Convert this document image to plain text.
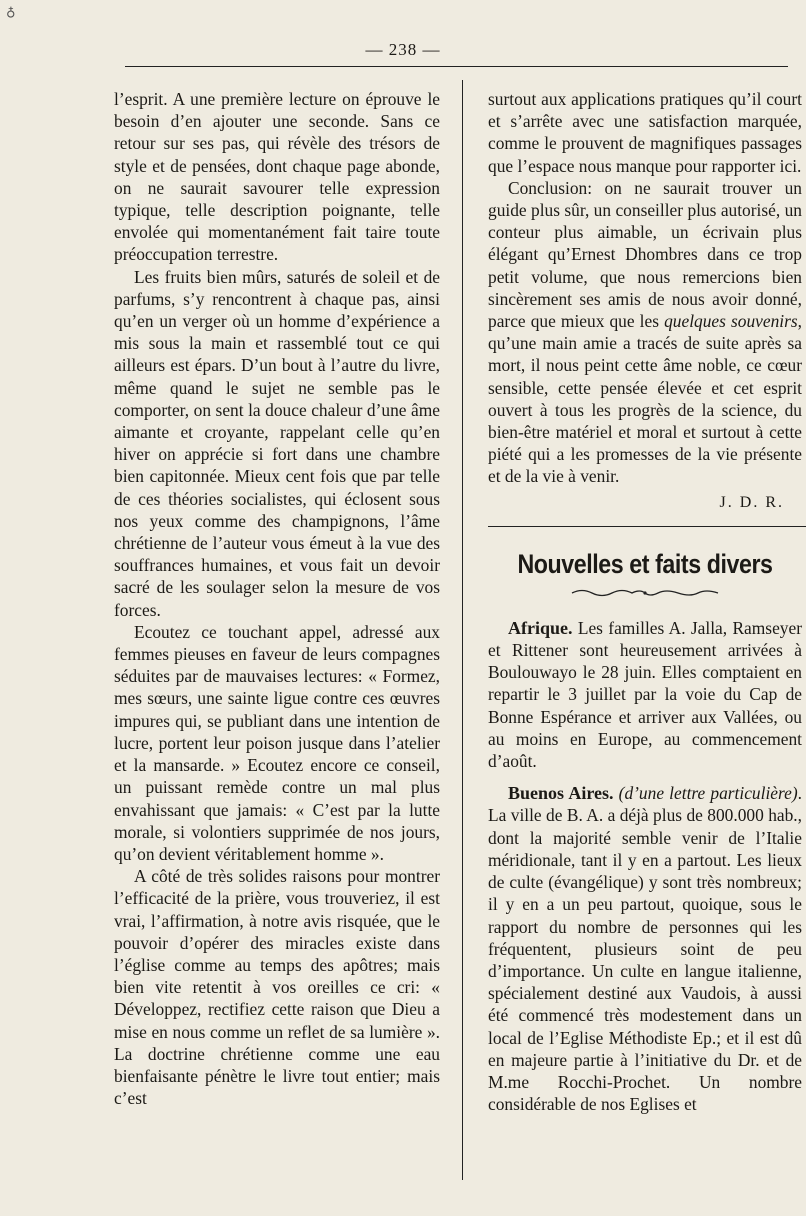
♁
— 238 —

l’esprit. A une première lecture on éprouve le besoin d’en ajouter une seconde. Sans ce retour sur ses pas, qui révèle des trésors de style et de pensées, dont chaque page abonde, on ne saurait savourer telle expression typique, telle description poignante, telle envolée qui momentanément fait taire toute préoccupation terrestre.

Les fruits bien mûrs, saturés de soleil et de parfums, s’y rencontrent à chaque pas, ainsi qu’en un verger où un homme d’expérience a mis sous la main et rassemblé tout ce qui ailleurs est épars. D’un bout à l’autre du livre, même quand le sujet ne semble pas le comporter, on sent la douce chaleur d’une âme aimante et croyante, rappelant celle qu’en hiver on apprécie si fort dans une chambre bien capitonnée. Mieux cent fois que par telle de ces théories socialistes, qui éclosent sous nos yeux comme des champignons, l’âme chrétienne de l’auteur vous émeut à la vue des souffrances humaines, et vous fait un devoir sacré de les soulager selon la mesure de vos forces.

Ecoutez ce touchant appel, adressé aux femmes pieuses en faveur de leurs compagnes séduites par de mauvaises lectures: « Formez, mes sœurs, une sainte ligue contre ces œuvres impures qui, se publiant dans une intention de lucre, portent leur poison jusque dans l’atelier et la mansarde. » Ecoutez encore ce conseil, un puissant remède contre un mal plus envahissant que jamais: « C’est par la lutte morale, si volontiers supprimée de nos jours, qu’on devient véritablement homme ».

A côté de très solides raisons pour montrer l’efficacité de la prière, vous trouveriez, il est vrai, l’affirmation, à notre avis risquée, que le pouvoir d’opérer des miracles existe dans l’église comme au temps des apôtres; mais bien vite retentit à vos oreilles ce cri: « Développez, rectifiez cette raison que Dieu a mise en nous comme un reflet de sa lumière ». La doctrine chrétienne comme une eau bienfaisante pénètre le livre tout entier; mais c’est

surtout aux applications pratiques qu’il court et s’arrête avec une satisfaction marquée, comme le prouvent de magnifiques passages que l’espace nous manque pour rapporter ici.

Conclusion: on ne saurait trouver un guide plus sûr, un conseiller plus autorisé, un conteur plus aimable, un écrivain plus élégant qu’Ernest Dhombres dans ce trop petit volume, que nous remercions bien sincèrement ses amis de nous avoir donné, parce que mieux que les quelques souvenirs, qu’une main amie a tracés de suite après sa mort, il nous peint cette âme noble, ce cœur sensible, cette pensée élevée et cet esprit ouvert à tous les progrès de la science, du bien-être matériel et moral et surtout à cette piété qui a les promesses de la vie présente et de la vie à venir.

J. D. R.
Nouvelles et faits divers

Afrique. Les familles A. Jalla, Ramseyer et Rittener sont heureusement arrivées à Boulouwayo le 28 juin. Elles comptaient en repartir le 3 juillet par la voie du Cap de Bonne Espérance et arriver aux Vallées, ou au moins en Europe, au commencement d’août.

Buenos Aires. (d’une lettre particulière). La ville de B. A. a déjà plus de 800.000 hab., dont la majorité semble venir de l’Italie méridionale, tant il y en a partout. Les lieux de culte (évangélique) y sont très nombreux; il y en a un peu partout, quoique, sous le rapport du nombre de personnes qui les fréquentent, plusieurs soint de peu d’importance. Un culte en langue italienne, spécialement destiné aux Vaudois, à aussi été commencé très modestement dans un local de l’Eglise Méthodiste Ep.; et il est dû en majeure partie à l’initiative du Dr. et de M.me Rocchi-Prochet. Un nombre considérable de nos Eglises et
